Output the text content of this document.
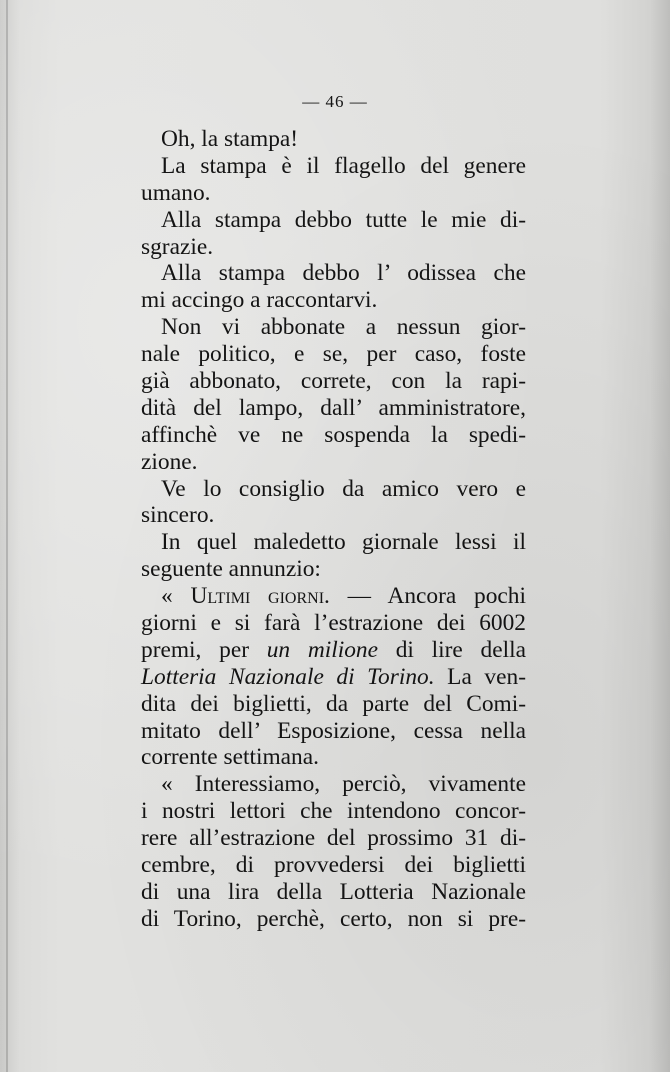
— 46 —
Oh, la stampa!
La stampa è il flagello del genere
umano.
Alla stampa debbo tutte le mie di-
sgrazie.
Alla stampa debbo l’ odissea che
mi accingo a raccontarvi.
Non vi abbonate a nessun gior-
nale politico, e se, per caso, foste
già abbonato, correte, con la rapi-
dità del lampo, dall’ amministratore,
affinchè ve ne sospenda la spedi-
zione.
Ve lo consiglio da amico vero e
sincero.
In quel maledetto giornale lessi il
seguente annunzio:
« Ultimi giorni. — Ancora pochi
giorni e si farà l’estrazione dei 6002
premi, per un milione di lire della
Lotteria Nazionale di Torino. La ven-
dita dei biglietti, da parte del Comi-
mitato dell’ Esposizione, cessa nella
corrente settimana.
« Interessiamo, perciò, vivamente
i nostri lettori che intendono concor-
rere all’estrazione del prossimo 31 di-
cembre, di provvedersi dei biglietti
di una lira della Lotteria Nazionale
di Torino, perchè, certo, non si pre-
